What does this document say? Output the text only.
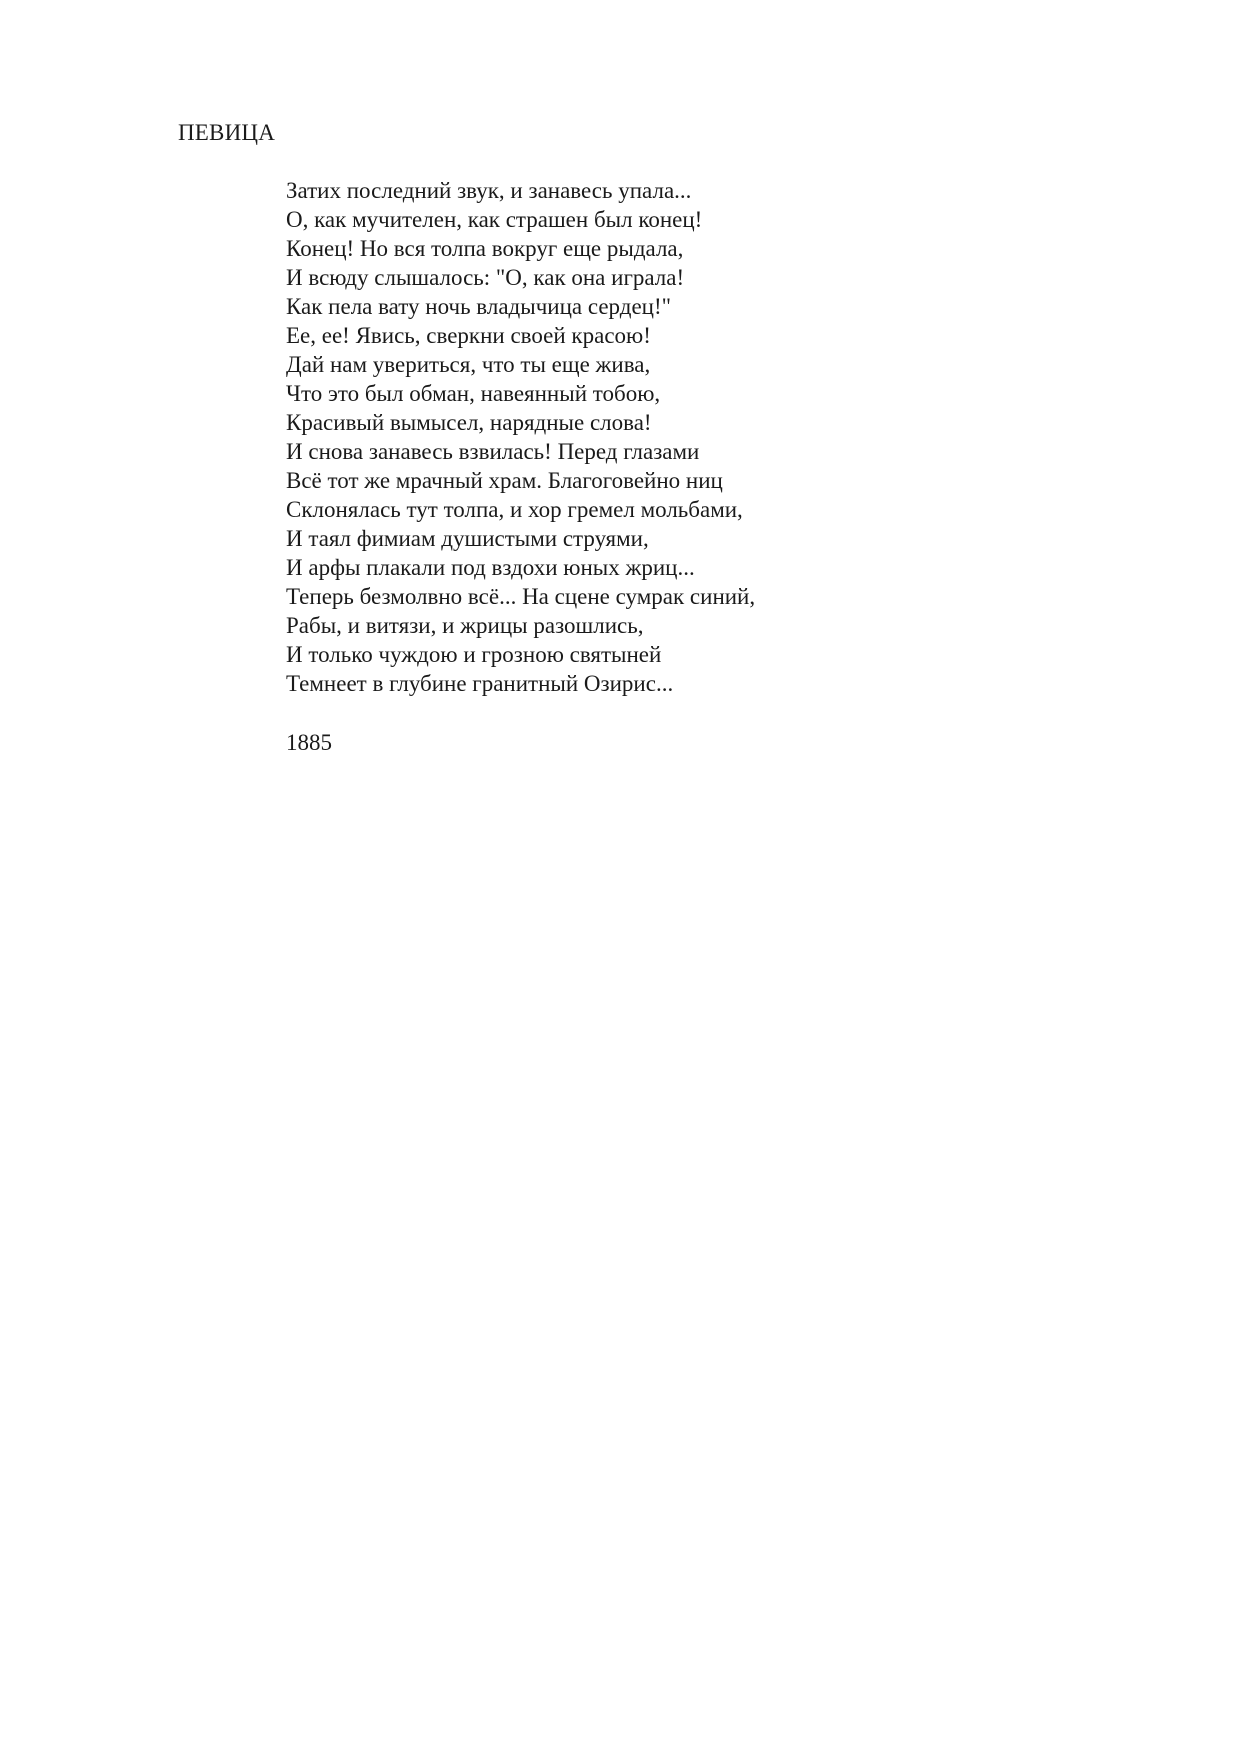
ПЕВИЦА
Затих последний звук, и занавесь упала...
О, как мучителен, как страшен был конец!
Конец! Но вся толпа вокруг еще рыдала,
И всюду слышалось: "О, как она играла!
Как пела вату ночь владычица сердец!"
Ее, ее! Явись, сверкни своей красою!
Дай нам увериться, что ты еще жива,
Что это был обман, навеянный тобою,
Красивый вымысел, нарядные слова!
И снова занавесь взвилась! Перед глазами
Всё тот же мрачный храм. Благоговейно ниц
Склонялась тут толпа, и хор гремел мольбами,
И таял фимиам душистыми струями,
И арфы плакали под вздохи юных жриц...
Теперь безмолвно всё... На сцене сумрак синий,
Рабы, и витязи, и жрицы разошлись,
И только чуждою и грозною святыней
Темнеет в глубине гранитный Озирис...
1885
